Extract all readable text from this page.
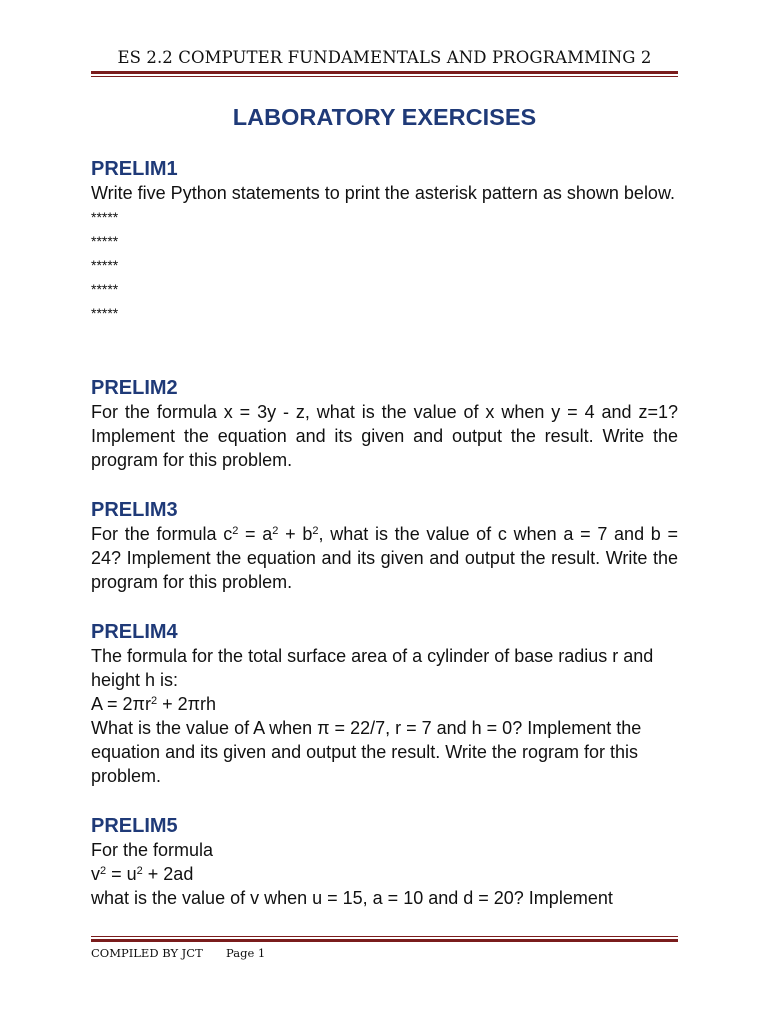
ES 2.2 COMPUTER FUNDAMENTALS AND PROGRAMMING 2
LABORATORY EXERCISES
PRELIM1
Write five Python statements to print the asterisk pattern as shown below.
*****
*****
*****
*****
*****
PRELIM2
For the formula x = 3y - z, what is the value of x when y = 4 and z=1? Implement the equation and its given and output the result. Write the program for this problem.
PRELIM3
For the formula $c^2 = a^2 + b^2$, what is the value of c when a = 7 and b = 24? Implement the equation and its given and output the result. Write the program for this problem.
PRELIM4

The formula for the total surface area of a cylinder of base radius r and height h is:

$A = 2\pi r^2 + 2\pi rh$

What is the value of A when π = 22/7, r = 7 and h = 0? Implement the equation and its given and output the result. Write the rogram for this problem.

PRELIM5

For the formula

$v^2 = u^2 + 2ad$

what is the value of v when u = 15, a = 10 and d = 20? Implement

COMPILED BY JCT Page 1
